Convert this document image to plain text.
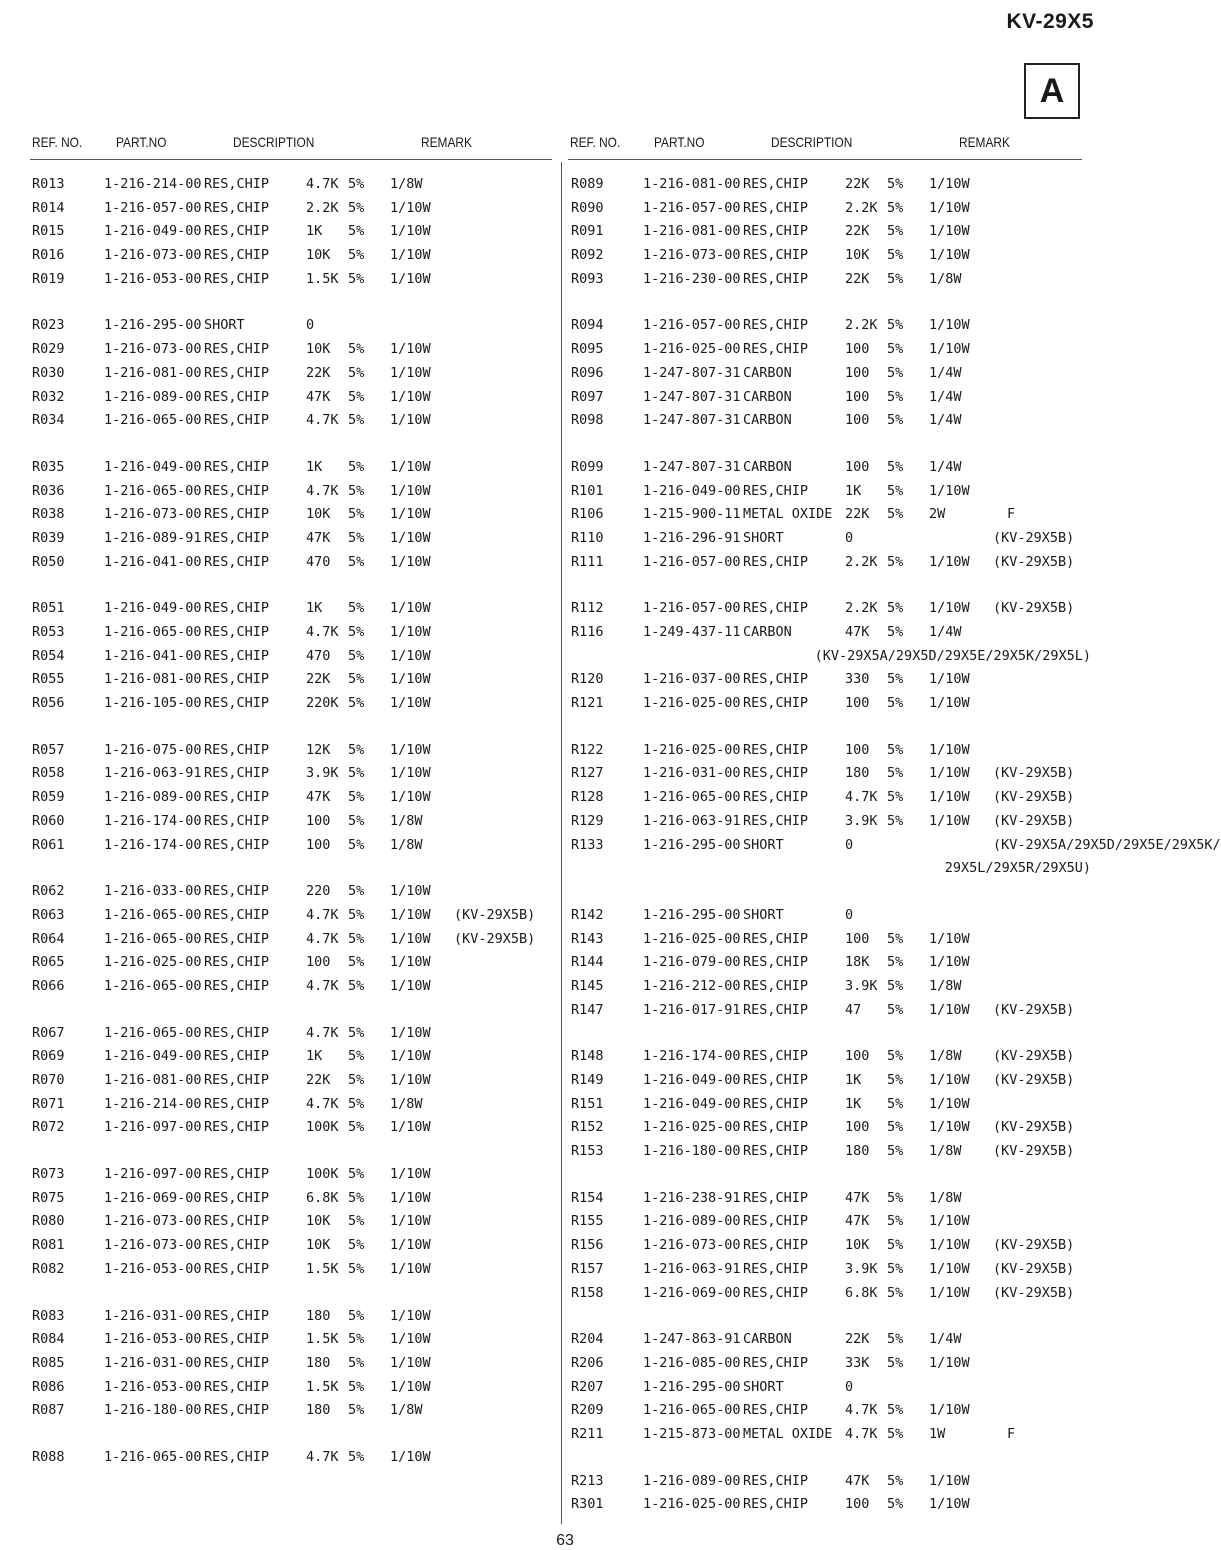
KV-29X5
A
REF. NO. PART.NO	DESCRIPTION	REMARK	REF. NO. PART.NO	DESCRIPTION	REMARK
R013	1-216-214-00 RES,CHIP	4.7K 5% 1/8W
R014	1-216-057-00 RES,CHIP	2.2K 5% 1/10W
R015	1-216-049-00 RES,CHIP	1K 5% 1/10W
R016	1-216-073-00 RES,CHIP	10K 5% 1/10W
R019	1-216-053-00 RES,CHIP	1.5K 5% 1/10W
R023	1-216-295-00 SHORT	0
R029	1-216-073-00 RES,CHIP	10K 5% 1/10W
R030	1-216-081-00 RES,CHIP	22K 5% 1/10W
R032	1-216-089-00 RES,CHIP	47K 5% 1/10W
R034	1-216-065-00 RES,CHIP	4.7K 5% 1/10W
R035	1-216-049-00 RES,CHIP	1K 5% 1/10W
R036	1-216-065-00 RES,CHIP	4.7K 5% 1/10W
R038	1-216-073-00 RES,CHIP	10K 5% 1/10W
R039	1-216-089-91 RES,CHIP	47K 5% 1/10W
R050	1-216-041-00 RES,CHIP	470 5% 1/10W
R051	1-216-049-00 RES,CHIP	1K 5% 1/10W
R053	1-216-065-00 RES,CHIP	4.7K 5% 1/10W
R054	1-216-041-00 RES,CHIP	470 5% 1/10W
R055	1-216-081-00 RES,CHIP	22K 5% 1/10W
R056	1-216-105-00 RES,CHIP	220K 5% 1/10W
R057	1-216-075-00 RES,CHIP	12K 5% 1/10W
R058	1-216-063-91 RES,CHIP	3.9K 5% 1/10W
R059	1-216-089-00 RES,CHIP	47K 5% 1/10W
R060	1-216-174-00 RES,CHIP	100 5% 1/8W
R061	1-216-174-00 RES,CHIP	100 5% 1/8W
R062	1-216-033-00 RES,CHIP	220 5% 1/10W
R063	1-216-065-00 RES,CHIP	4.7K 5% 1/10W (KV-29X5B)
R064	1-216-065-00 RES,CHIP	4.7K 5% 1/10W (KV-29X5B)
R065	1-216-025-00 RES,CHIP	100 5% 1/10W
R066	1-216-065-00 RES,CHIP	4.7K 5% 1/10W
R067	1-216-065-00 RES,CHIP	4.7K 5% 1/10W
R069	1-216-049-00 RES,CHIP	1K 5% 1/10W
R070	1-216-081-00 RES,CHIP	22K 5% 1/10W
R071	1-216-214-00 RES,CHIP	4.7K 5% 1/8W
R072	1-216-097-00 RES,CHIP	100K 5% 1/10W
R073	1-216-097-00 RES,CHIP	100K 5% 1/10W
R075	1-216-069-00 RES,CHIP	6.8K 5% 1/10W
R080	1-216-073-00 RES,CHIP	10K 5% 1/10W
R081	1-216-073-00 RES,CHIP	10K 5% 1/10W
R082	1-216-053-00 RES,CHIP	1.5K 5% 1/10W
R083	1-216-031-00 RES,CHIP	180 5% 1/10W
R084	1-216-053-00 RES,CHIP	1.5K 5% 1/10W
R085	1-216-031-00 RES,CHIP	180 5% 1/10W
R086	1-216-053-00 RES,CHIP	1.5K 5% 1/10W
R087	1-216-180-00 RES,CHIP	180 5% 1/8W
R088	1-216-065-00 RES,CHIP	4.7K 5% 1/10W
R089	1-216-081-00 RES,CHIP	22K 5% 1/10W
R090	1-216-057-00 RES,CHIP	2.2K 5% 1/10W
R091	1-216-081-00 RES,CHIP	22K 5% 1/10W
R092	1-216-073-00 RES,CHIP	10K 5% 1/10W
R093	1-216-230-00 RES,CHIP	22K 5% 1/8W
R094	1-216-057-00 RES,CHIP	2.2K 5% 1/10W
R095	1-216-025-00 RES,CHIP	100 5% 1/10W
R096	1-247-807-31 CARBON	100 5% 1/4W
R097	1-247-807-31 CARBON	100 5% 1/4W
R098	1-247-807-31 CARBON	100 5% 1/4W
R099	1-247-807-31 CARBON	100 5% 1/4W
R101	1-216-049-00 RES,CHIP	1K 5% 1/10W
R106	1-215-900-11 METAL OXIDE 22K 5% 2W	F
R110	1-216-296-91 SHORT	0	(KV-29X5B)
R111	1-216-057-00 RES,CHIP	2.2K 5% 1/10W (KV-29X5B)
R112	1-216-057-00 RES,CHIP	2.2K 5% 1/10W (KV-29X5B)
R116	1-249-437-11 CARBON	47K 5% 1/4W
(KV-29X5A/29X5D/29X5E/29X5K/29X5L)
R120	1-216-037-00 RES,CHIP	330 5% 1/10W
R121	1-216-025-00 RES,CHIP	100 5% 1/10W
R122	1-216-025-00 RES,CHIP	100 5% 1/10W
R127	1-216-031-00 RES,CHIP	180 5% 1/10W (KV-29X5B)
R128	1-216-065-00 RES,CHIP	4.7K 5% 1/10W (KV-29X5B)
R129	1-216-063-91 RES,CHIP	3.9K 5% 1/10W (KV-29X5B)
R133	1-216-295-00 SHORT	0	(KV-29X5A/29X5D/29X5E/29X5K/
29X5L/29X5R/29X5U)
R142	1-216-295-00 SHORT	0
R143	1-216-025-00 RES,CHIP	100 5% 1/10W
R144	1-216-079-00 RES,CHIP	18K 5% 1/10W
R145	1-216-212-00 RES,CHIP	3.9K 5% 1/8W
R147	1-216-017-91 RES,CHIP	47 5% 1/10W (KV-29X5B)
R148	1-216-174-00 RES,CHIP	100 5% 1/8W (KV-29X5B)
R149	1-216-049-00 RES,CHIP	1K 5% 1/10W (KV-29X5B)
R151	1-216-049-00 RES,CHIP	1K 5% 1/10W
R152	1-216-025-00 RES,CHIP	100 5% 1/10W (KV-29X5B)
R153	1-216-180-00 RES,CHIP	180 5% 1/8W (KV-29X5B)
R154	1-216-238-91 RES,CHIP	47K 5% 1/8W
R155	1-216-089-00 RES,CHIP	47K 5% 1/10W
R156	1-216-073-00 RES,CHIP	10K 5% 1/10W (KV-29X5B)
R157	1-216-063-91 RES,CHIP	3.9K 5% 1/10W (KV-29X5B)
R158	1-216-069-00 RES,CHIP	6.8K 5% 1/10W (KV-29X5B)
R204	1-247-863-91 CARBON	22K 5% 1/4W
R206	1-216-085-00 RES,CHIP	33K 5% 1/10W
R207	1-216-295-00 SHORT	0
R209	1-216-065-00 RES,CHIP	4.7K 5% 1/10W
R211	1-215-873-00 METAL OXIDE 4.7K 5% 1W	F
R213	1-216-089-00 RES,CHIP	47K 5% 1/10W
R301	1-216-025-00 RES,CHIP	100 5% 1/10W
63
